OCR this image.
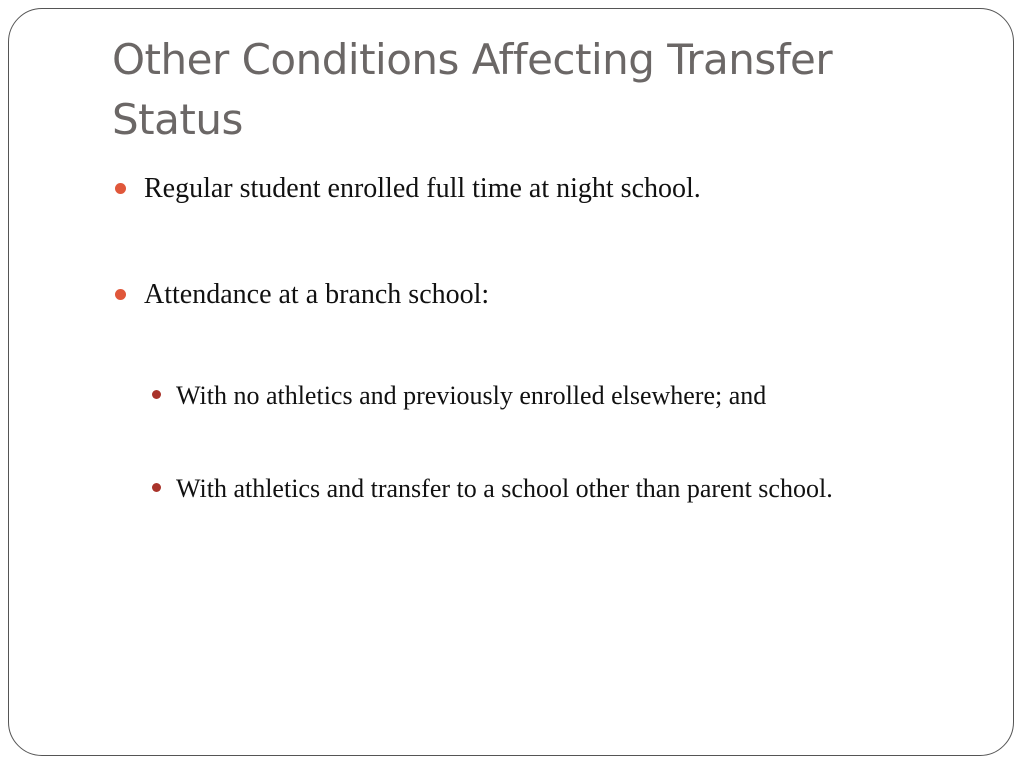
Other Conditions Affecting Transfer Status
Regular student enrolled full time at night school.
Attendance at a branch school:
With no athletics and previously enrolled elsewhere; and
With athletics and transfer to a school other than parent school.
